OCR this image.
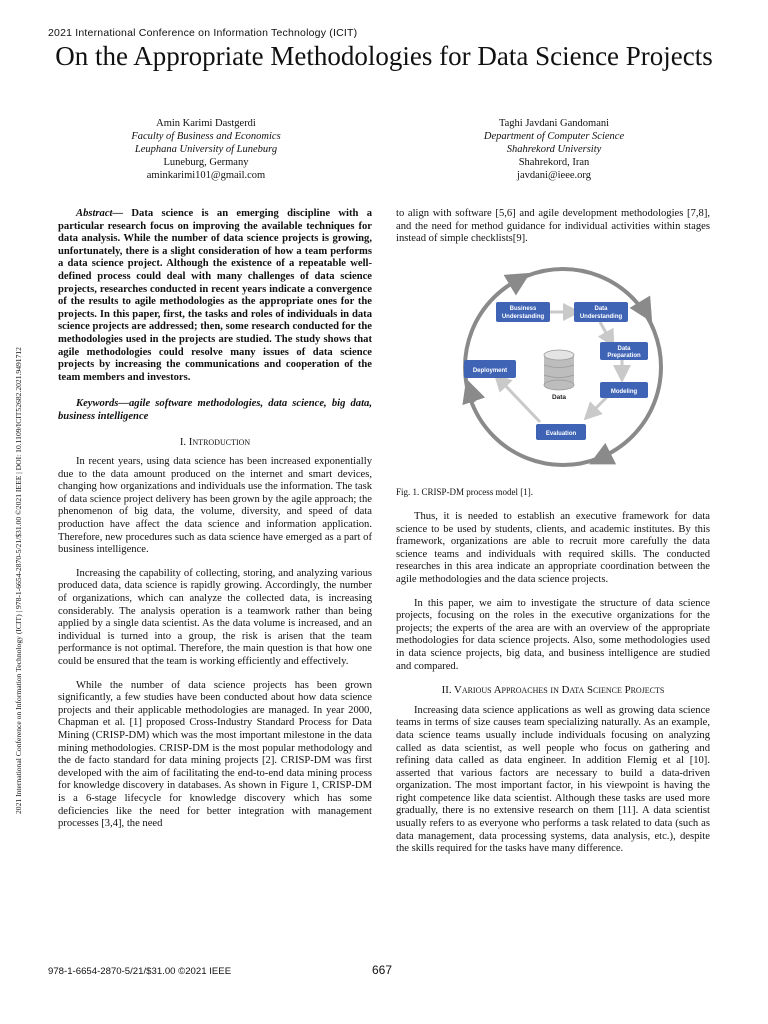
2021 International Conference on Information Technology (ICIT)
On the Appropriate Methodologies for Data Science Projects
Amin Karimi Dastgerdi
Faculty of Business and Economics
Leuphana University of Luneburg
Luneburg, Germany
aminkarimi101@gmail.com
Taghi Javdani Gandomani
Department of Computer Science
Shahrekord University
Shahrekord, Iran
javdani@ieee.org
2021 International Conference on Information Technology (ICIT) | 978-1-6654-2870-5/21/$31.00 ©2021 IEEE | DOI: 10.1109/ICIT52682.2021.9491712

Abstract— Data science is an emerging discipline with a particular research focus on improving the available techniques for data analysis. While the number of data science projects is growing, unfortunately, there is a slight consideration of how a team performs a data science project. Although the existence of a repeatable well-defined process could deal with many challenges of data science projects, researches conducted in recent years indicate a convergence of the results to agile methodologies as the appropriate ones for the projects. In this paper, first, the tasks and roles of individuals in data science projects are addressed; then, some research conducted for the methodologies used in the projects are studied. The study shows that agile methodologies could resolve many issues of data science projects by increasing the communications and cooperation of the team members and investors.

Keywords—agile software methodologies, data science, big data, business intelligence

I. Introduction

In recent years, using data science has been increased exponentially due to the data amount produced on the internet and smart devices, changing how organizations and individuals use the information. The task of data science project delivery has been grown by the agile approach; the phenomenon of big data, the volume, diversity, and speed of data production have affect the data science and information application. Therefore, new procedures such as data science have emerged as a part of business intelligence.

Increasing the capability of collecting, storing, and analyzing various produced data, data science is rapidly growing. Accordingly, the number of organizations, which can analyze the collected data, is increasing considerably. The analysis operation is a teamwork rather than being applied by a single data scientist. As the data volume is increased, and an individual is turned into a group, the risk is arisen that the team performance is not optimal. Therefore, the main question is that how one could be ensured that the team is working efficiently and effectively.

While the number of data science projects has been grown significantly, a few studies have been conducted about how data science projects and their applicable methodologies are managed. In year 2000, Chapman et al. [1] proposed Cross-Industry Standard Process for Data Mining (CRISP-DM) which was the most important milestone in the data mining methodologies. CRISP-DM is the most popular methodology and the de facto standard for data mining projects [2]. CRISP-DM was first developed with the aim of facilitating the end-to-end data mining process for knowledge discovery in databases. As shown in Figure 1, CRISP-DM is a 6-stage lifecycle for knowledge discovery which has some deficiencies like the need for better integration with management processes [3,4], the need

to align with software [5,6] and agile development methodologies [7,8], and the need for method guidance for individual activities within stages instead of simple checklists[9].

Business
Understanding
Data
Understanding
Data
Preparation
Modeling
Evaluation
Deployment
Data
Fig. 1. CRISP-DM process model [1].

Thus, it is needed to establish an executive framework for data science to be used by students, clients, and academic institutes. By this framework, organizations are able to recruit more carefully the data science teams and individuals with required skills. The conducted researches in this area indicate an appropriate coordination between the agile methodologies and the data science projects.

In this paper, we aim to investigate the structure of data science projects, focusing on the roles in the executive organizations for the projects; the experts of the area are with an overview of the appropriate methodologies for data science projects. Also, some methodologies used in data science projects, big data, and business intelligence are studied and compared.

II. Various Approaches in Data Science Projects

Increasing data science applications as well as growing data science teams in terms of size causes team specializing naturally. As an example, data science teams usually include individuals focusing on analyzing called as data scientist, as well people who focus on gathering and refining data called as data engineer. In addition Flemig et al [10]. asserted that various factors are necessary to build a data-driven organization. The most important factor, in his viewpoint is having the right competence like data scientist. Although these tasks are used more gradually, there is no extensive research on them [11]. A data scientist usually refers to as everyone who performs a task related to data (such as data management, data processing systems, data analysis, etc.), despite the skills required for the tasks have many difference.

978-1-6654-2870-5/21/$31.00 ©2021 IEEE	667
